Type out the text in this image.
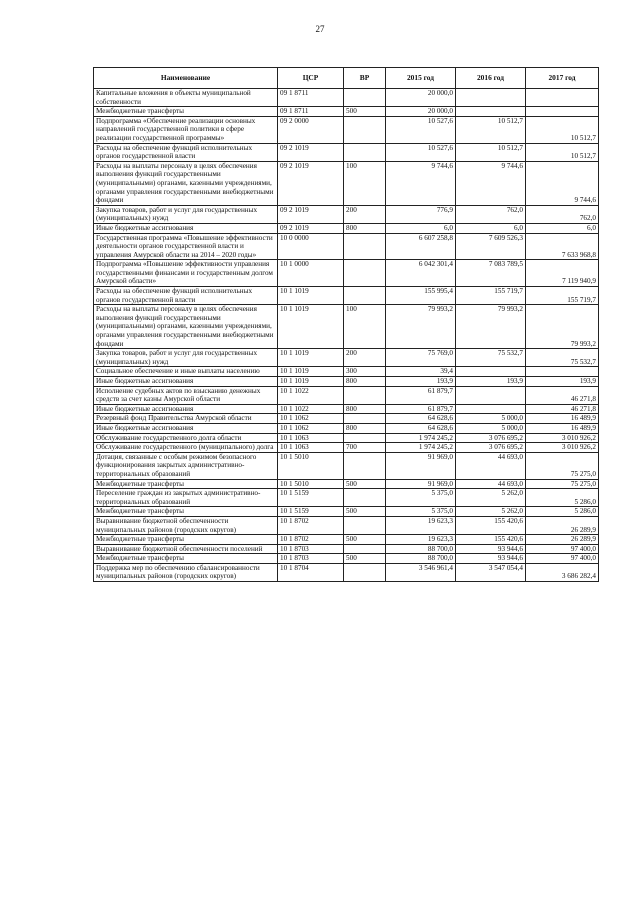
27
Наименование	ЦСР	ВР	2015 год	2016 год	2017 год
Капитальные вложения в объекты муниципальной собственности	09 1 8711		20 000,0		
Межбюджетные трансферты	09 1 8711	500	20 000,0		
Подпрограмма «Обеспечение реализации основных направлений государственной политики в сфере реализации государственной программы»	09 2 0000		10 527,6	10 512,7	10 512,7
Расходы на обеспечение функций исполнительных органов государственной власти	09 2 1019		10 527,6	10 512,7	10 512,7
Расходы на выплаты персоналу в целях обеспечения выполнения функций государственными (муниципальными) органами, казенными учреждениями, органами управления государственными внебюджетными фондами	09 2 1019	100	9 744,6	9 744,6	9 744,6
Закупка товаров, работ и услуг для государственных (муниципальных) нужд	09 2 1019	200	776,9	762,0	762,0
Иные бюджетные ассигнования	09 2 1019	800	6,0	6,0	6,0
Государственная программа «Повышение эффективности деятельности органов государственной власти и управления Амурской области на 2014 – 2020 годы»	10 0 0000		6 607 258,8	7 609 526,3	7 633 968,8
Подпрограмма «Повышение эффективности управления государственными финансами и государственным долгом Амурской области»	10 1 0000		6 042 301,4	7 083 789,5	7 119 940,9
Расходы на обеспечение функций исполнительных органов государственной власти	10 1 1019		155 995,4	155 719,7	155 719,7
Расходы на выплаты персоналу в целях обеспечения выполнения функций государственными (муниципальными) органами, казенными учреждениями, органами управления государственными внебюджетными фондами	10 1 1019	100	79 993,2	79 993,2	79 993,2
Закупка товаров, работ и услуг для государственных (муниципальных) нужд	10 1 1019	200	75 769,0	75 532,7	75 532,7
Социальное обеспечение и иные выплаты населению	10 1 1019	300	39,4		
Иные бюджетные ассигнования	10 1 1019	800	193,9	193,9	193,9
Исполнение судебных актов по взысканию денежных средств за счет казны Амурской области	10 1 1022		61 879,7		46 271,8
Иные бюджетные ассигнования	10 1 1022	800	61 879,7		46 271,8
Резервный фонд Правительства Амурской области	10 1 1062		64 628,6	5 000,0	16 489,9
Иные бюджетные ассигнования	10 1 1062	800	64 628,6	5 000,0	16 489,9
Обслуживание государственного долга области	10 1 1063		1 974 245,2	3 076 695,2	3 010 926,2
Обслуживание государственного (муниципального) долга	10 1 1063	700	1 974 245,2	3 076 695,2	3 010 926,2
Дотация, связанные с особым режимом безопасного функционирования закрытых административно-территориальных образований	10 1 5010		91 969,0	44 693,0	75 275,0
Межбюджетные трансферты	10 1 5010	500	91 969,0	44 693,0	75 275,0
Переселение граждан из закрытых административно-территориальных образований	10 1 5159		5 375,0	5 262,0	5 286,0
Межбюджетные трансферты	10 1 5159	500	5 375,0	5 262,0	5 286,0
Выравнивание бюджетной обеспеченности муниципальных районов (городских округов)	10 1 8702		19 623,3	155 420,6	26 289,9
Межбюджетные трансферты	10 1 8702	500	19 623,3	155 420,6	26 289,9
Выравнивание бюджетной обеспеченности поселений	10 1 8703		88 700,0	93 944,6	97 400,0
Межбюджетные трансферты	10 1 8703	500	88 700,0	93 944,6	97 400,0
Поддержка мер по обеспечению сбалансированности муниципальных районов (городских округов)	10 1 8704		3 546 961,4	3 547 054,4	3 686 282,4
